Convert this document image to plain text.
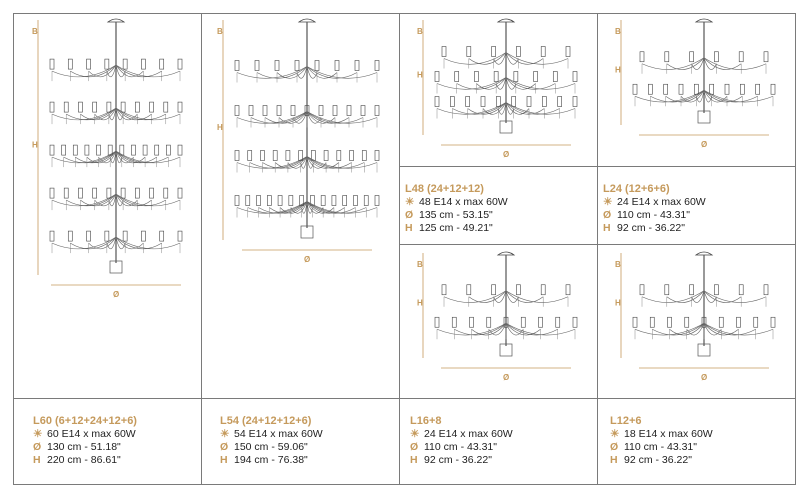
B
H
Ø
B
H
Ø
B
H
Ø
B
H
Ø
B
H
Ø
B
H
Ø
L60 (6+12+24+12+6)
☀ 60 E14 x max 60W
Ø 130 cm - 51.18"
H 220 cm - 86.61"
L54 (24+12+12+6)
☀ 54 E14 x max 60W
Ø 150 cm - 59.06"
H 194 cm - 76.38"
L48 (24+12+12)
☀ 48 E14 x max 60W
Ø 135 cm - 53.15"
H 125 cm - 49.21"
L24 (12+6+6)
☀ 24 E14 x max 60W
Ø 110 cm - 43.31"
H 92 cm - 36.22"
L16+8
☀ 24 E14 x max 60W
Ø 110 cm - 43.31"
H 92 cm - 36.22"
L12+6
☀ 18 E14 x max 60W
Ø 110 cm - 43.31"
H 92 cm - 36.22"
